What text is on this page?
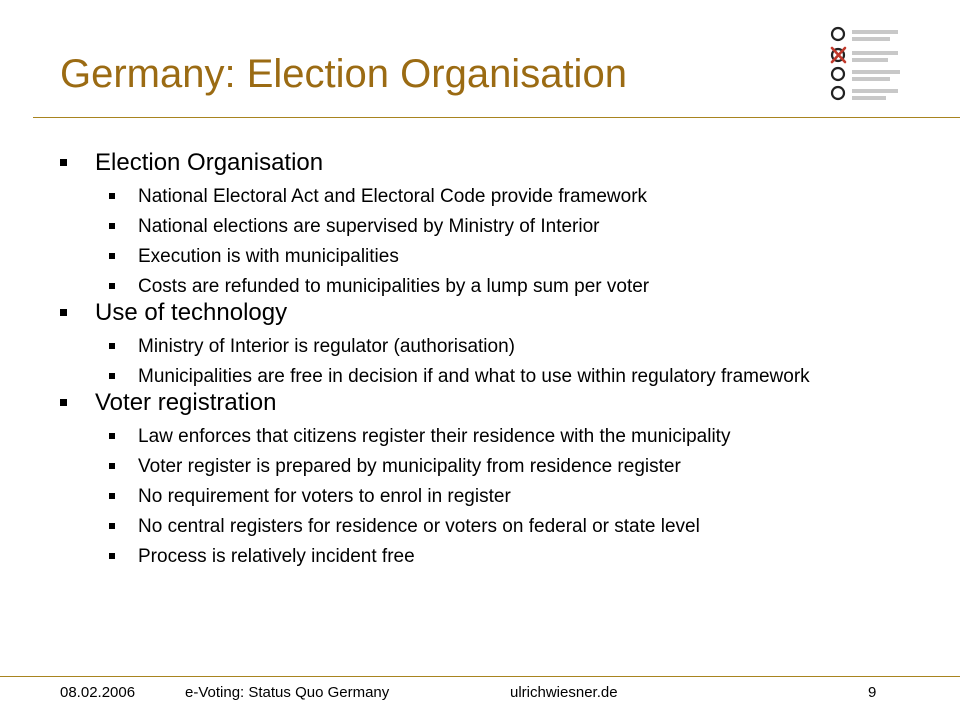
Germany: Election Organisation
Election Organisation
National Electoral Act and Electoral Code provide framework
National elections are supervised by Ministry of Interior
Execution is with municipalities
Costs are refunded to municipalities by a lump sum per voter
Use of technology
Ministry of Interior is regulator (authorisation)
Municipalities are free in decision if and what to use within regulatory framework
Voter registration
Law enforces that citizens register their residence with the municipality
Voter register is prepared by municipality from residence register
No requirement for voters to enrol in register
No central registers for residence or voters on federal or state level
Process is relatively incident free
08.02.2006	e-Voting: Status Quo Germany	ulrichwiesner.de	9
